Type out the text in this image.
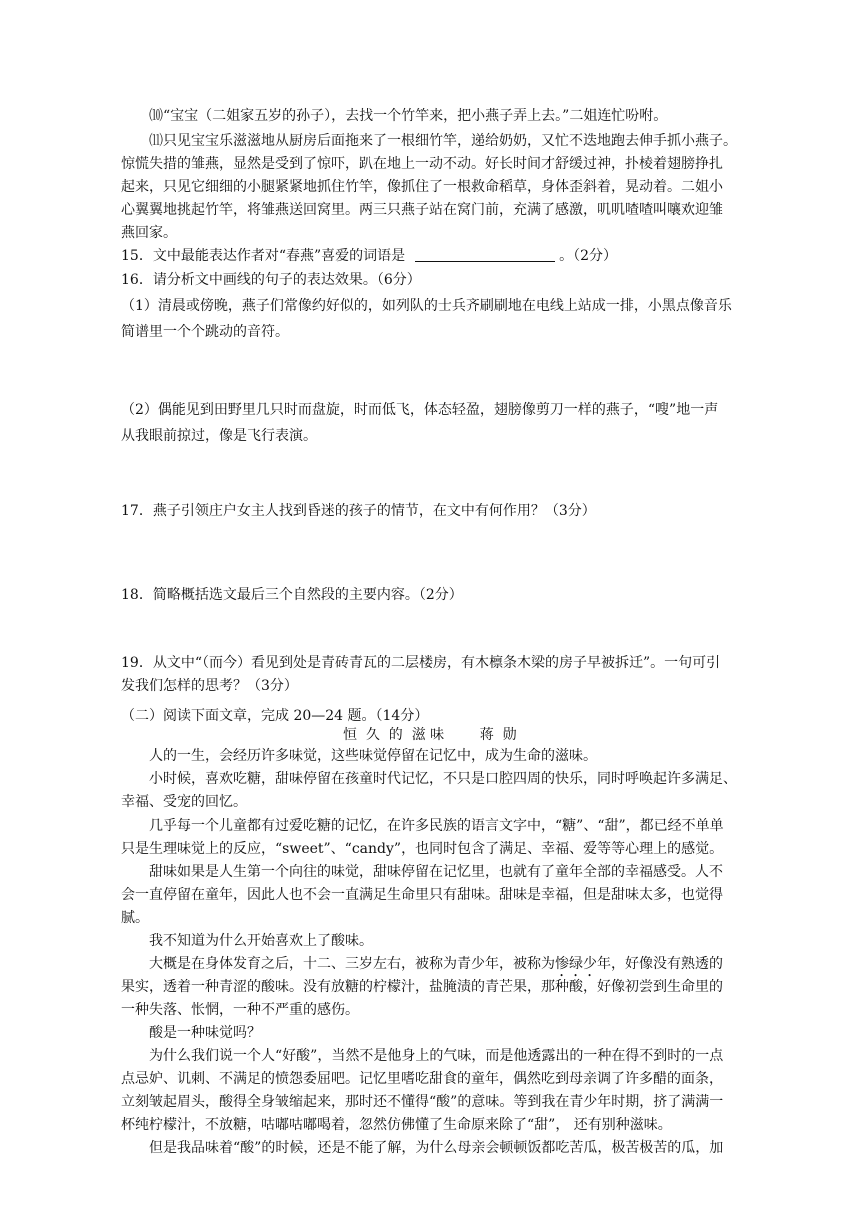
⑽“宝宝（二姐家五岁的孙子），去找一个竹竿来，把小燕子弄上去。”二姐连忙吩咐。

⑾只见宝宝乐滋滋地从厨房后面拖来了一根细竹竿，递给奶奶，又忙不迭地跑去伸手抓小燕子。

惊慌失措的雏燕，显然是受到了惊吓，趴在地上一动不动。好长时间才舒缓过神，扑棱着翅膀挣扎

起来，只见它细细的小腿紧紧地抓住竹竿，像抓住了一根救命稻草，身体歪斜着，晃动着。二姐小

心翼翼地挑起竹竿，将雏燕送回窝里。两三只燕子站在窝门前，充满了感激，叽叽喳喳叫嚷欢迎雏

燕回家。

15．文中最能表达作者对“春燕”喜爱的词语是	。（2分）

16．请分析文中画线的句子的表达效果。（6分）

（1）清晨或傍晚，燕子们常像约好似的，如列队的士兵齐刷刷地在电线上站成一排，小黑点像音乐

简谱里一个个跳动的音符。

（2）偶能见到田野里几只时而盘旋，时而低飞，体态轻盈，翅膀像剪刀一样的燕子，“嗖”地一声

从我眼前掠过，像是飞行表演。

17．燕子引领庄户女主人找到昏迷的孩子的情节，在文中有何作用？（3分）

18．简略概括选文最后三个自然段的主要内容。（2分）

19．从文中“（而今）看见到处是青砖青瓦的二层楼房，有木檩条木梁的房子早被拆迁”。一句可引

发我们怎样的思考？（3分）

（二）阅读下面文章，完成 20—24 题。（14分）

恒  久  的  滋 味	蒋  勋

人的一生，会经历许多味觉，这些味觉停留在记忆中，成为生命的滋味。

小时候，喜欢吃糖，甜味停留在孩童时代记忆，不只是口腔四周的快乐，同时呼唤起许多满足、

幸福、受宠的回忆。

几乎每一个儿童都有过爱吃糖的记忆，在许多民族的语言文字中，“糖”、“甜”，都已经不单单

只是生理味觉上的反应，“sweet”、“candy”，也同时包含了满足、幸福、爱等等心理上的感觉。

甜味如果是人生第一个向往的味觉，甜味停留在记忆里，也就有了童年全部的幸福感受。人不

会一直停留在童年，因此人也不会一直满足生命里只有甜味。甜味是幸福，但是甜味太多，也觉得

腻。

我不知道为什么开始喜欢上了酸味。

大概是在身体发育之后，十二、三岁左右，被称为青少年，被称为惨绿少年，好像没有熟透的

果实，透着一种青涩的酸味。没有放糖的柠檬汁，盐腌渍的青芒果，那种酸，好像初尝到生命里的

一种失落、怅惘，一种不严重的感伤。

酸是一种味觉吗？

为什么我们说一个人“好酸”，当然不是他身上的气味，而是他透露出的一种在得不到时的一点

点忌妒、讥刺、不满足的愤怨委屈吧。记忆里嗜吃甜食的童年，偶然吃到母亲调了许多醋的面条，

立刻皱起眉头，酸得全身皱缩起来，那时还不懂得“酸”的意味。等到我在青少年时期，挤了满满一

杯纯柠檬汁，不放糖，咕嘟咕嘟喝着，忽然仿佛懂了生命原来除了“甜”， 还有别种滋味。

但是我品味着“酸”的时候，还是不能了解，为什么母亲会顿顿饭都吃苦瓜，极苦极苦的瓜，加
